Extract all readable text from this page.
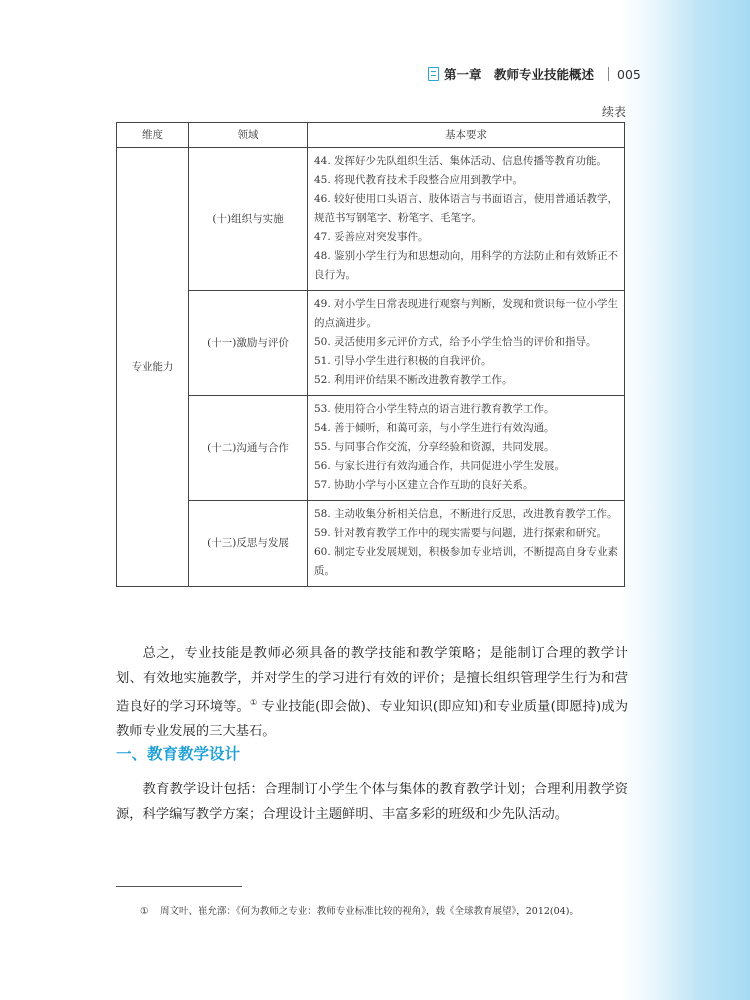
第一章　教师专业技能概述 005
续表
维度	领域	基本要求
专业能力	(十)组织与实施	44. 发挥好少先队组织生活、集体活动、信息传播等教育功能。

45. 将现代教育技术手段整合应用到教学中。

46. 较好使用口头语言、肢体语言与书面语言，使用普通话教学，规范书写钢笔字、粉笔字、毛笔字。

47. 妥善应对突发事件。

48. 鉴别小学生行为和思想动向，用科学的方法防止和有效矫正不良行为。

	(十一)激励与评价	49. 对小学生日常表现进行观察与判断，发现和赏识每一位小学生的点滴进步。

50. 灵活使用多元评价方式，给予小学生恰当的评价和指导。

51. 引导小学生进行积极的自我评价。

52. 利用评价结果不断改进教育教学工作。

	(十二)沟通与合作	53. 使用符合小学生特点的语言进行教育教学工作。

54. 善于倾听，和蔼可亲，与小学生进行有效沟通。

55. 与同事合作交流，分享经验和资源，共同发展。

56. 与家长进行有效沟通合作，共同促进小学生发展。

57. 协助小学与小区建立合作互助的良好关系。

	(十三)反思与发展	58. 主动收集分析相关信息，不断进行反思，改进教育教学工作。

59. 针对教育教学工作中的现实需要与问题，进行探索和研究。

60. 制定专业发展规划，积极参加专业培训，不断提高自身专业素质。

总之，专业技能是教师必须具备的教学技能和教学策略；是能制订合理的教学计划、有效地实施教学，并对学生的学习进行有效的评价；是擅长组织管理学生行为和营造良好的学习环境等。① 专业技能(即会做)、专业知识(即应知)和专业质量(即愿持)成为教师专业发展的三大基石。

一、教育教学设计

教育教学设计包括：合理制订小学生个体与集体的教育教学计划；合理利用教学资源，科学编写教学方案；合理设计主题鲜明、丰富多彩的班级和少先队活动。

① 周文叶、崔允漷：《何为教师之专业：教师专业标准比较的视角》，载《全球教育展望》，2012(04)。
